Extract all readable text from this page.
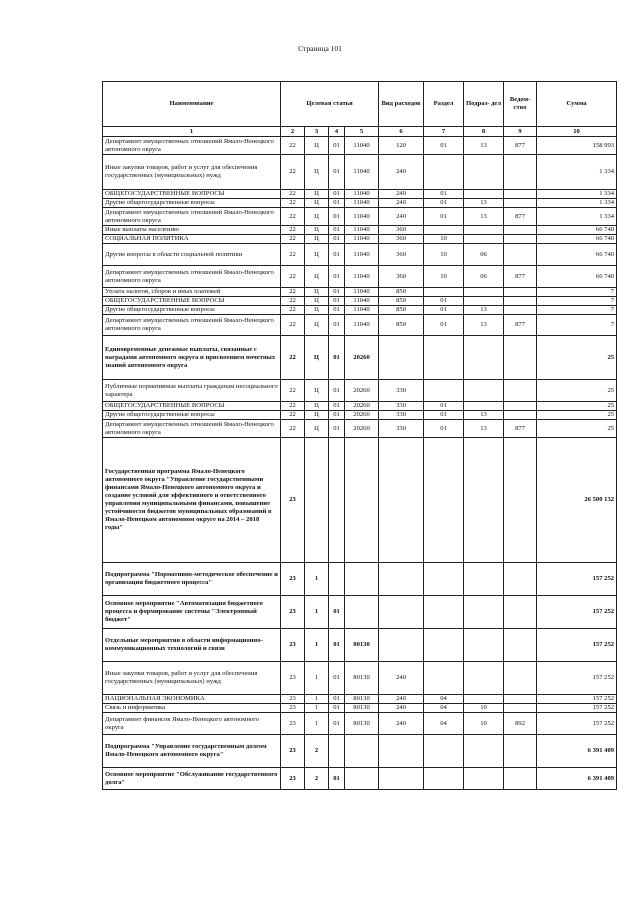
Страница 101
Наименование	Целевая статья				Вид расходов	Раздел	Подраз- дел	Ведом- ство	Сумма
1	2	3	4	5	6	7	8	9	10
Департамент имущественных отношений Ямало-Ненецкого автономного округа	22	Ц	01	11040	120	01	13	877	158 993
Иные закупки товаров, работ и услуг для обеспечения государственных (муниципальных) нужд	22	Ц	01	11040	240				1 334
ОБЩЕГОСУДАРСТВЕННЫЕ ВОПРОСЫ	22	Ц	01	11040	240	01			1 334
Другие общегосударственные вопросы	22	Ц	01	11040	240	01	13		1 334
Департамент имущественных отношений Ямало-Ненецкого автономного округа	22	Ц	01	11040	240	01	13	877	1 334
Иные выплаты населению	22	Ц	01	11040	360				66 740
СОЦИАЛЬНАЯ ПОЛИТИКА	22	Ц	01	11040	360	10			66 740
Другие вопросы в области социальной политики	22	Ц	01	11040	360	10	06		66 740
Департамент имущественных отношений Ямало-Ненецкого автономного округа	22	Ц	01	11040	360	10	06	877	66 740
Уплата налогов, сборов и иных платежей	22	Ц	01	11040	850				7
ОБЩЕГОСУДАРСТВЕННЫЕ ВОПРОСЫ	22	Ц	01	11040	850	01			7
Другие общегосударственные вопросы	22	Ц	01	11040	850	01	13		7
Департамент имущественных отношений Ямало-Ненецкого автономного округа	22	Ц	01	11040	850	01	13	877	7
Единовременные денежные выплаты, связанные с наградами автономного округа и присвоением почетных званий автономного округа	22	Ц	01	20260					25
Публичные нормативные выплаты гражданам несоциального характера	22	Ц	01	20260	330				25
ОБЩЕГОСУДАРСТВЕННЫЕ ВОПРОСЫ	22	Ц	01	20260	330	01			25
Другие общегосударственные вопросы	22	Ц	01	20260	330	01	13		25
Департамент имущественных отношений Ямало-Ненецкого автономного округа	22	Ц	01	20260	330	01	13	877	25
Государственная программа Ямало-Ненецкого автономного округа "Управление государственными финансами Ямало-Ненецкого автономного округа и создание условий для эффективного и ответственного управления муниципальными финансами, повышение устойчивости бюджетов муниципальных образований в Ямало-Ненецком автономном округе на 2014 – 2018 годы"	23								26 500 132
Подпрограмма "Нормативно-методическое обеспечение и организация бюджетного процесса"	23	1							157 252
Основное мероприятие "Автоматизация бюджетного процесса и формирование системы "Электронный бюджет"	23	1	01						157 252
Отдельные мероприятия в области информационно-коммуникационных технологий и связи	23	1	01	80130					157 252
Иные закупки товаров, работ и услуг для обеспечения государственных (муниципальных) нужд	23	1	01	80130	240				157 252
НАЦИОНАЛЬНАЯ ЭКОНОМИКА	23	1	01	80130	240	04			157 252
Связь и информатика	23	1	01	80130	240	04	10		157 252
Департамент финансов Ямало-Ненецкого автономного округа	23	1	01	80130	240	04	10	892	157 252
Подпрограмма "Управление государственным долгом Ямало-Ненецкого автономного округа"	23	2							6 391 409
Основное мероприятие "Обслуживание государственного долга"	23	2	01						6 391 409
